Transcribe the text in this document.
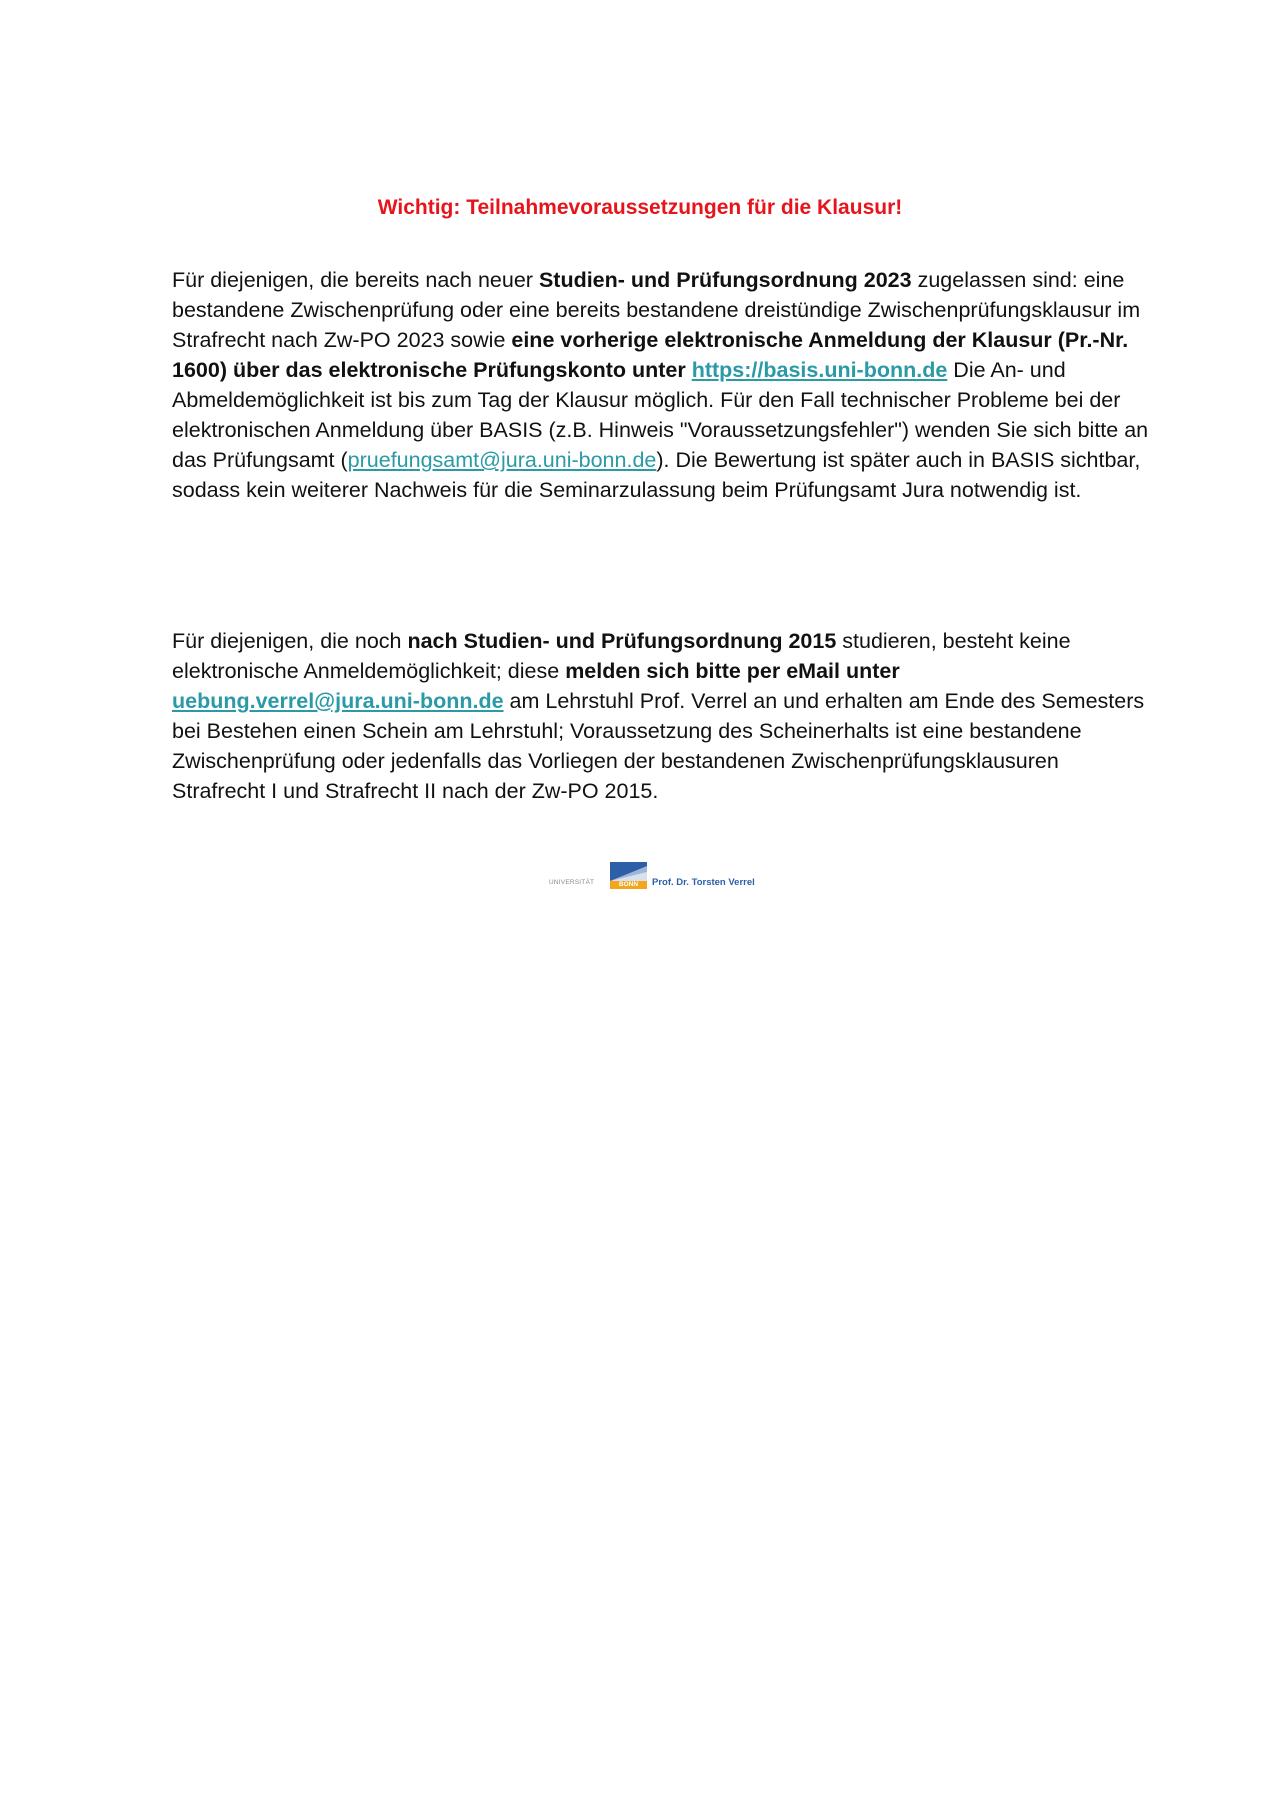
Wichtig: Teilnahmevoraussetzungen für die Klausur!

Für diejenigen, die bereits nach neuer Studien- und Prüfungsordnung 2023 zugelassen sind: eine bestandene Zwischenprüfung oder eine bereits bestandene dreistündige Zwischenprüfungsklausur im Strafrecht nach Zw-PO 2023 sowie eine vorherige elektronische Anmeldung der Klausur (Pr.-Nr. 1600) über das elektronische Prüfungskonto unter https://basis.uni-bonn.de Die An- und Abmeldemöglichkeit ist bis zum Tag der Klausur möglich. Für den Fall technischer Probleme bei der elektronischen Anmeldung über BASIS (z.B. Hinweis "Voraussetzungsfehler") wenden Sie sich bitte an das Prüfungsamt (pruefungsamt@jura.uni-bonn.de). Die Bewertung ist später auch in BASIS sichtbar, sodass kein weiterer Nachweis für die Seminarzulassung beim Prüfungsamt Jura notwendig ist.

Für diejenigen, die noch nach Studien- und Prüfungsordnung 2015 studieren, besteht keine elektronische Anmeldemöglichkeit; diese melden sich bitte per eMail unter uebung.verrel@jura.uni-bonn.de am Lehrstuhl Prof. Verrel an und erhalten am Ende des Semesters bei Bestehen einen Schein am Lehrstuhl; Voraussetzung des Scheinerhalts ist eine bestandene Zwischenprüfung oder jedenfalls das Vorliegen der bestandenen Zwischenprüfungsklausuren Strafrecht I und Strafrecht II nach der Zw-PO 2015.

UNIVERSITÄT	BONN	Prof. Dr. Torsten Verrel
